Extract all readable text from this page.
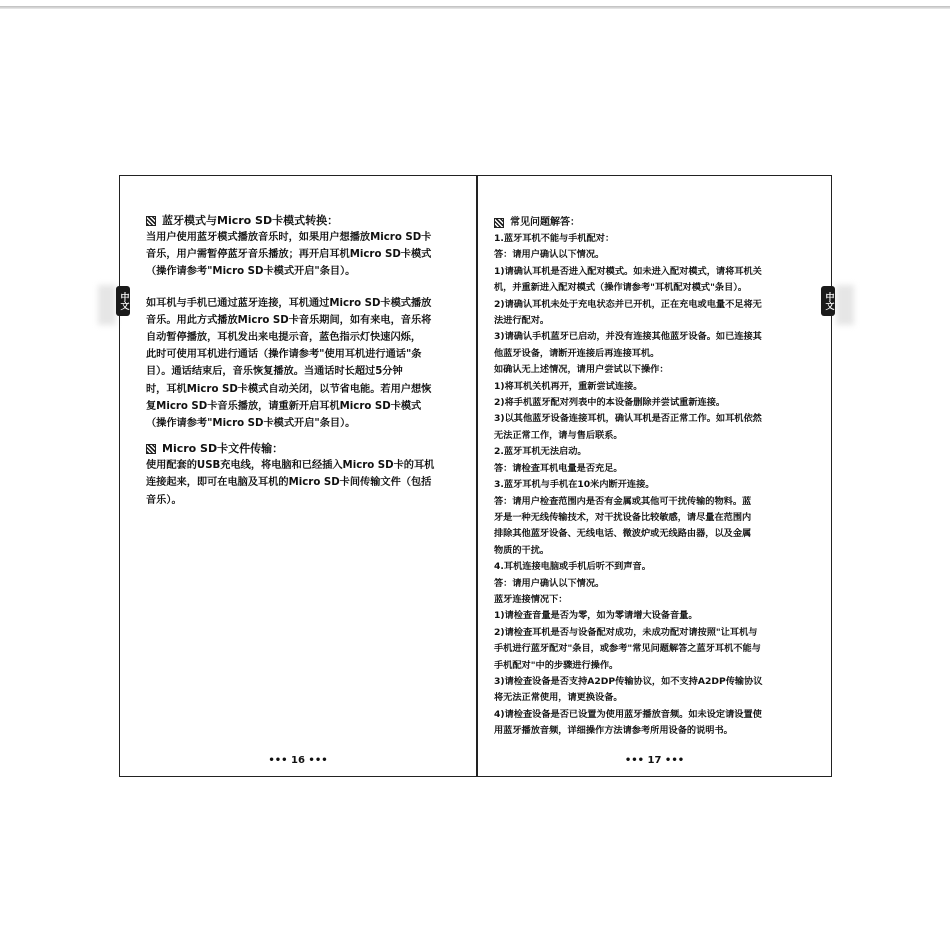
中文
蓝牙模式与Micro SD卡模式转换：

当用户使用蓝牙模式播放音乐时，如果用户想播放Micro SD卡

音乐，用户需暂停蓝牙音乐播放；再开启耳机Micro SD卡模式

（操作请参考"Micro SD卡模式开启"条目）。

如耳机与手机已通过蓝牙连接，耳机通过Micro SD卡模式播放

音乐。用此方式播放Micro SD卡音乐期间，如有来电，音乐将

自动暂停播放，耳机发出来电提示音，蓝色指示灯快速闪烁，

此时可使用耳机进行通话（操作请参考"使用耳机进行通话"条

目）。通话结束后，音乐恢复播放。当通话时长超过5分钟

时，耳机Micro SD卡模式自动关闭，以节省电能。若用户想恢

复Micro SD卡音乐播放，请重新开启耳机Micro SD卡模式

（操作请参考"Micro SD卡模式开启"条目）。

Micro SD卡文件传输：

使用配套的USB充电线，将电脑和已经插入Micro SD卡的耳机

连接起来，即可在电脑及耳机的Micro SD卡间传输文件（包括

音乐）。

••• 16 •••
中文
常见问题解答：

1.蓝牙耳机不能与手机配对：

答：请用户确认以下情况。

1)请确认耳机是否进入配对模式。如未进入配对模式，请将耳机关

机，并重新进入配对模式（操作请参考"耳机配对模式"条目）。

2)请确认耳机未处于充电状态并已开机，正在充电或电量不足将无

法进行配对。

3)请确认手机蓝牙已启动，并没有连接其他蓝牙设备。如已连接其

他蓝牙设备，请断开连接后再连接耳机。

如确认无上述情况，请用户尝试以下操作：

1)将耳机关机再开，重新尝试连接。

2)将手机蓝牙配对列表中的本设备删除并尝试重新连接。

3)以其他蓝牙设备连接耳机，确认耳机是否正常工作。如耳机依然

无法正常工作，请与售后联系。

2.蓝牙耳机无法启动。

答：请检查耳机电量是否充足。

3.蓝牙耳机与手机在10米内断开连接。

答：请用户检查范围内是否有金属或其他可干扰传输的物料。蓝

牙是一种无线传输技术，对干扰设备比较敏感，请尽量在范围内

排除其他蓝牙设备、无线电话、微波炉或无线路由器，以及金属

物质的干扰。

4.耳机连接电脑或手机后听不到声音。

答：请用户确认以下情况。

蓝牙连接情况下：

1)请检查音量是否为零，如为零请增大设备音量。

2)请检查耳机是否与设备配对成功，未成功配对请按照"让耳机与

手机进行蓝牙配对"条目，或参考"常见问题解答之蓝牙耳机不能与

手机配对"中的步骤进行操作。

3)请检查设备是否支持A2DP传输协议，如不支持A2DP传输协议

将无法正常使用，请更换设备。

4)请检查设备是否已设置为使用蓝牙播放音频。如未设定请设置使

用蓝牙播放音频，详细操作方法请参考所用设备的说明书。

••• 17 •••
